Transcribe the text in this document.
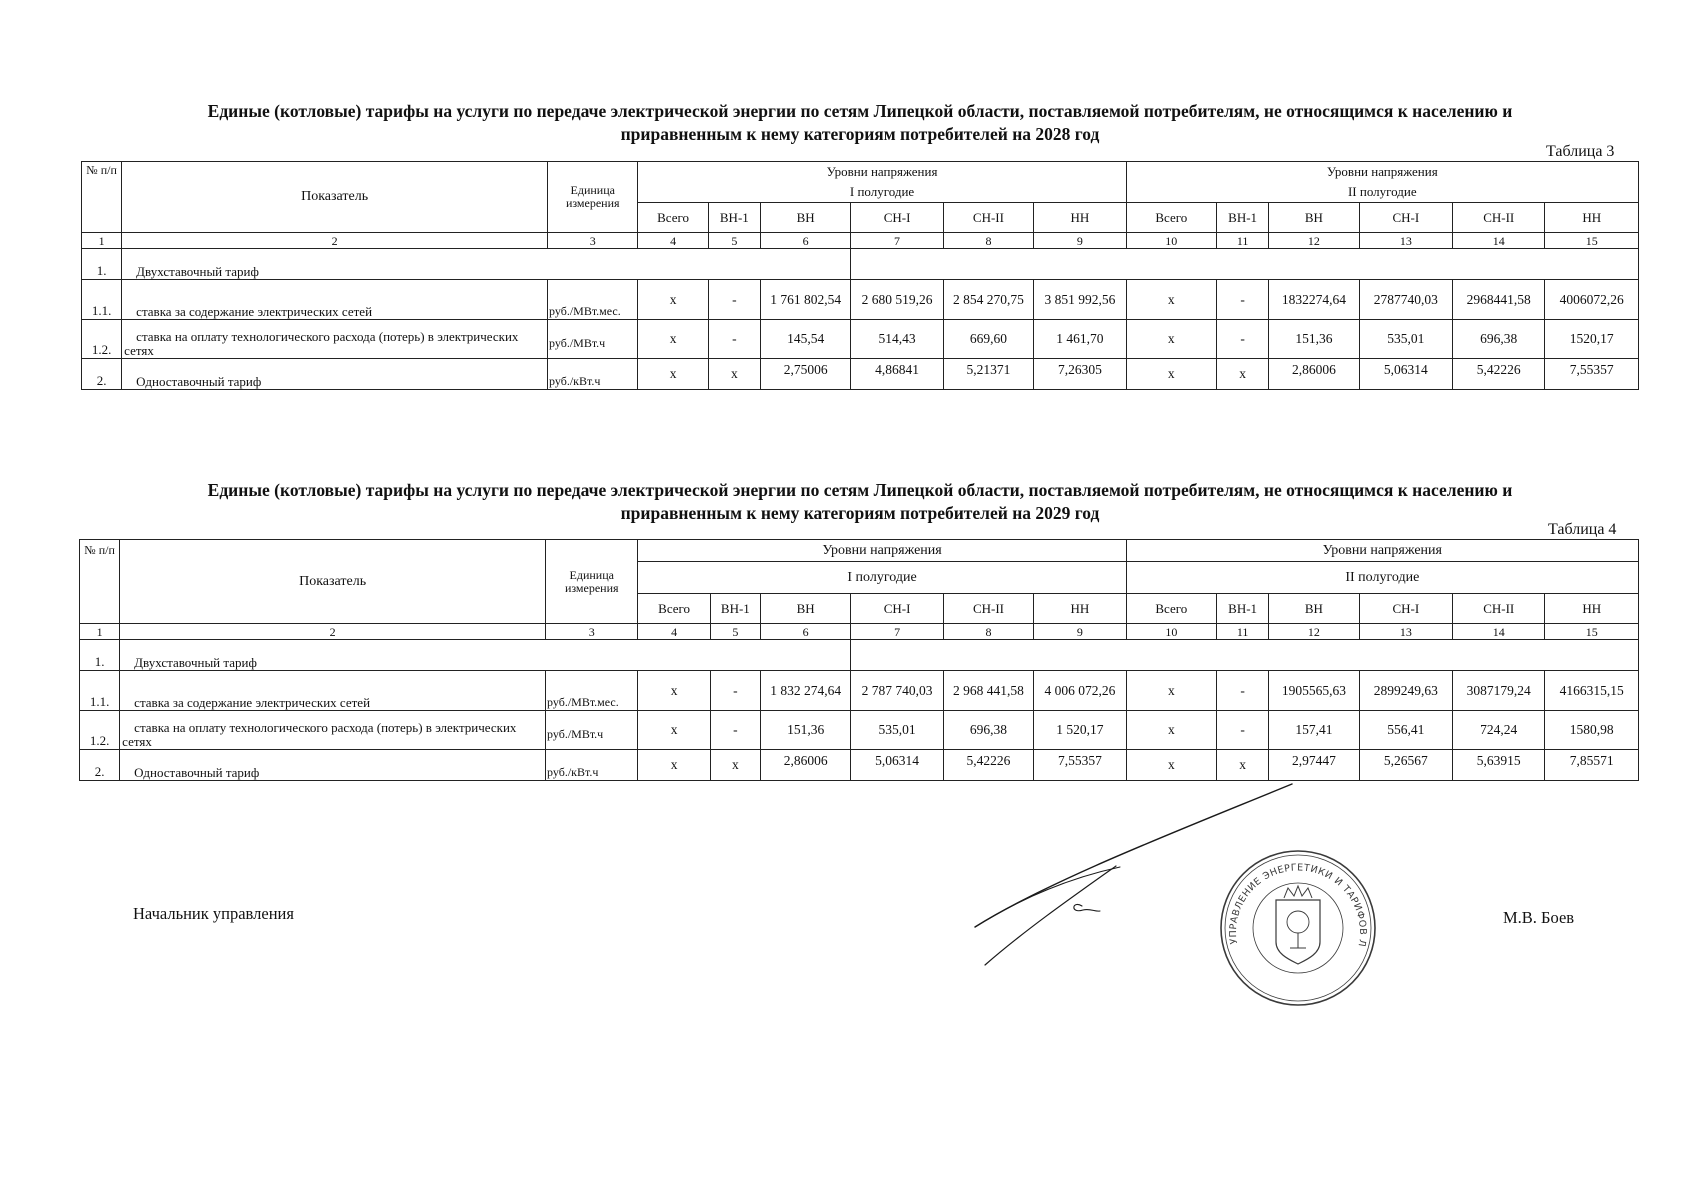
Единые (котловые) тарифы на услуги по передаче электрической энергии по сетям Липецкой области, поставляемой потребителям, не относящимся к населению и
приравненным к нему категориям потребителей на 2028 год
Таблица 3
№ п/п	Показатель	Единица измерения	Уровни напряжения						Уровни напряжения					
			I полугодие						II полугодие					
			Всего	ВН-1	ВН	СН-I	СН-II	НН	Всего	ВН-1	ВН	СН-I	СН-II	НН
1	2	3	4	5	6	7	8	9	10	11	12	13	14	15
1.	Двухставочный тариф													
1.1.	ставка за содержание электрических сетей	руб./МВт.мес.	х	-	1 761 802,54	2 680 519,26	2 854 270,75	3 851 992,56	х	-	1832274,64	2787740,03	2968441,58	4006072,26
1.2.	ставка на оплату технологического расхода (потерь) в электрических сетях	руб./МВт.ч	х	-	145,54	514,43	669,60	1 461,70	х	-	151,36	535,01	696,38	1520,17
2.	Одноставочный тариф	руб./кВт.ч	х	х	2,75006	4,86841	5,21371	7,26305	х	х	2,86006	5,06314	5,42226	7,55357
Единые (котловые) тарифы на услуги по передаче электрической энергии по сетям Липецкой области, поставляемой потребителям, не относящимся к населению и
приравненным к нему категориям потребителей на 2029 год
Таблица 4
№ п/п	Показатель	Единица измерения	Уровни напряжения						Уровни напряжения					
			I полугодие						II полугодие					
			Всего	ВН-1	ВН	СН-I	СН-II	НН	Всего	ВН-1	ВН	СН-I	СН-II	НН
1	2	3	4	5	6	7	8	9	10	11	12	13	14	15
1.	Двухставочный тариф													
1.1.	ставка за содержание электрических сетей	руб./МВт.мес.	х	-	1 832 274,64	2 787 740,03	2 968 441,58	4 006 072,26	х	-	1905565,63	2899249,63	3087179,24	4166315,15
1.2.	ставка на оплату технологического расхода (потерь) в электрических сетях	руб./МВт.ч	х	-	151,36	535,01	696,38	1 520,17	х	-	157,41	556,41	724,24	1580,98
2.	Одноставочный тариф	руб./кВт.ч	х	х	2,86006	5,06314	5,42226	7,55357	х	х	2,97447	5,26567	5,63915	7,85571
Начальник управления	М.В. Боев
УПРАВЛЕНИЕ ЭНЕРГЕТИКИ И ТАРИФОВ ЛИПЕЦКОЙ ОБЛАСТИ
